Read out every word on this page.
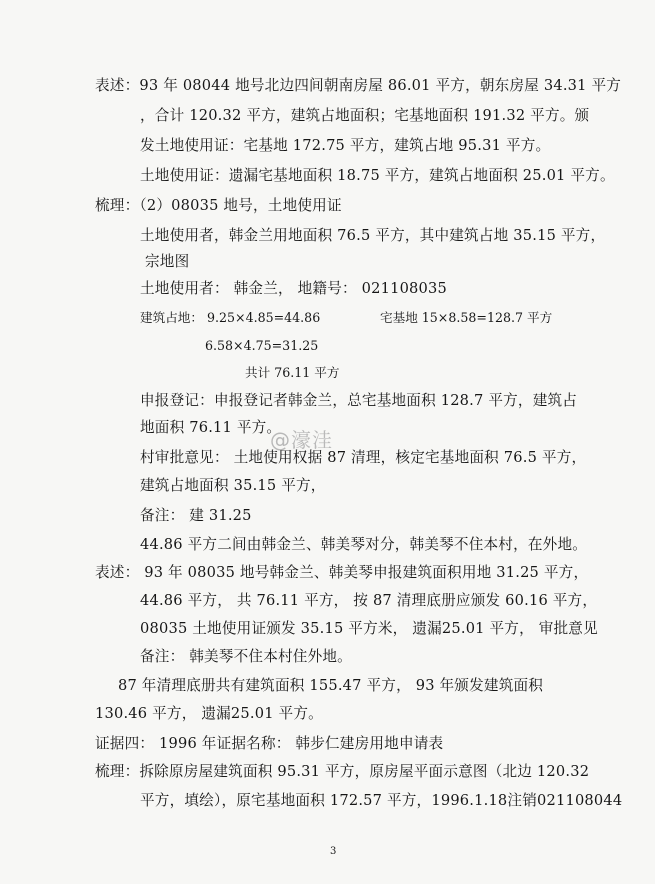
表述：93 年 08044 地号北边四间朝南房屋 86.01 平方，朝东房屋 34.31 平方
，合计 120.32 平方，建筑占地面积；宅基地面积 191.32 平方。颁
发土地使用证：宅基地 172.75 平方，建筑占地 95.31 平方。
土地使用证：遗漏宅基地面积 18.75 平方，建筑占地面积 25.01 平方。
梳理：（2）08035 地号，土地使用证
土地使用者，韩金兰用地面积 76.5 平方，其中建筑占地 35.15 平方，
宗地图
土地使用者： 韩金兰， 地籍号： 021108035
建筑占地： 9.25×4.85=44.86	宅基地 15×8.58=128.7 平方
6.58×4.75=31.25
共计 76.11 平方
申报登记：申报登记者韩金兰，总宅基地面积 128.7 平方，建筑占
地面积 76.11 平方。
@濠洼
村审批意见： 土地使用权据 87 清理，核定宅基地面积 76.5 平方，
建筑占地面积 35.15 平方，
备注： 建 31.25
44.86 平方二间由韩金兰、韩美琴对分，韩美琴不住本村，在外地。
表述： 93 年 08035 地号韩金兰、韩美琴申报建筑面积用地 31.25 平方，
44.86 平方， 共 76.11 平方， 按 87 清理底册应颁发 60.16 平方，
08035 土地使用证颁发 35.15 平方米， 遗漏25.01 平方， 审批意见
备注： 韩美琴不住本村住外地。
87 年清理底册共有建筑面积 155.47 平方， 93 年颁发建筑面积
130.46 平方， 遗漏25.01 平方。
证据四： 1996 年证据名称： 韩步仁建房用地申请表
梳理：拆除原房屋建筑面积 95.31 平方，原房屋平面示意图（北边 120.32
平方，填绘），原宅基地面积 172.57 平方，1996.1.18注销021108044
3
